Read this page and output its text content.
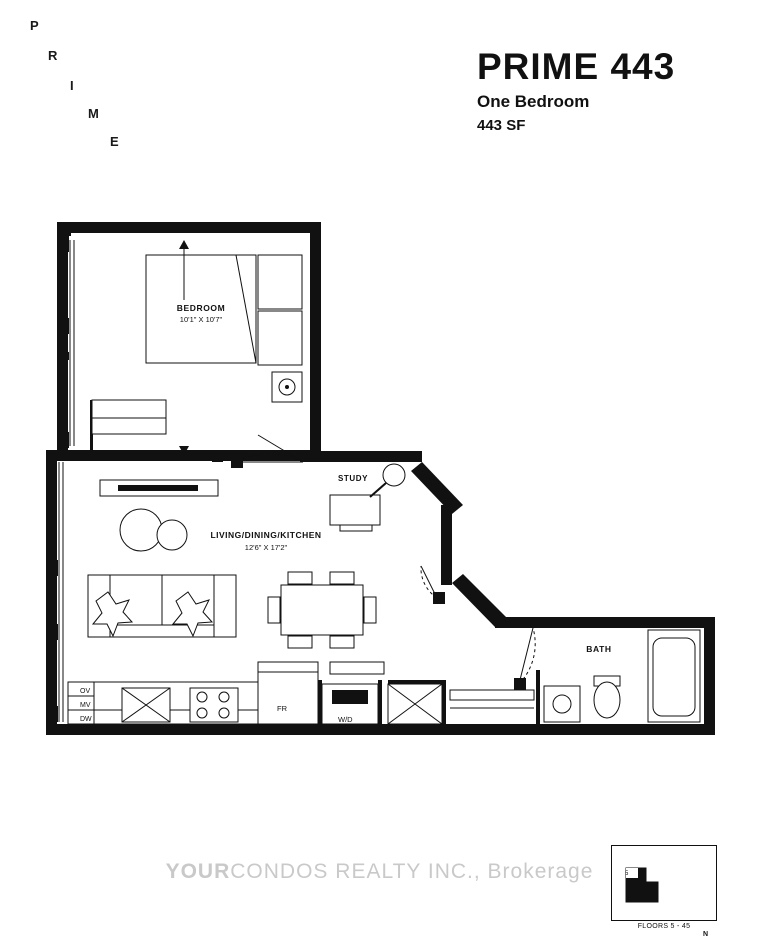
P
R
I
M
E
PRIME 443
One Bedroom
443 SF
BEDROOM
10'1" X 10'7"
STUDY
LIVING/DINING/KITCHEN
12'6" X 17'2"
BATH
OV
MV
DW
FR
W/D
YOURCONDOS REALTY INC., Brokerage	5
FLOORS 5 - 45
N
